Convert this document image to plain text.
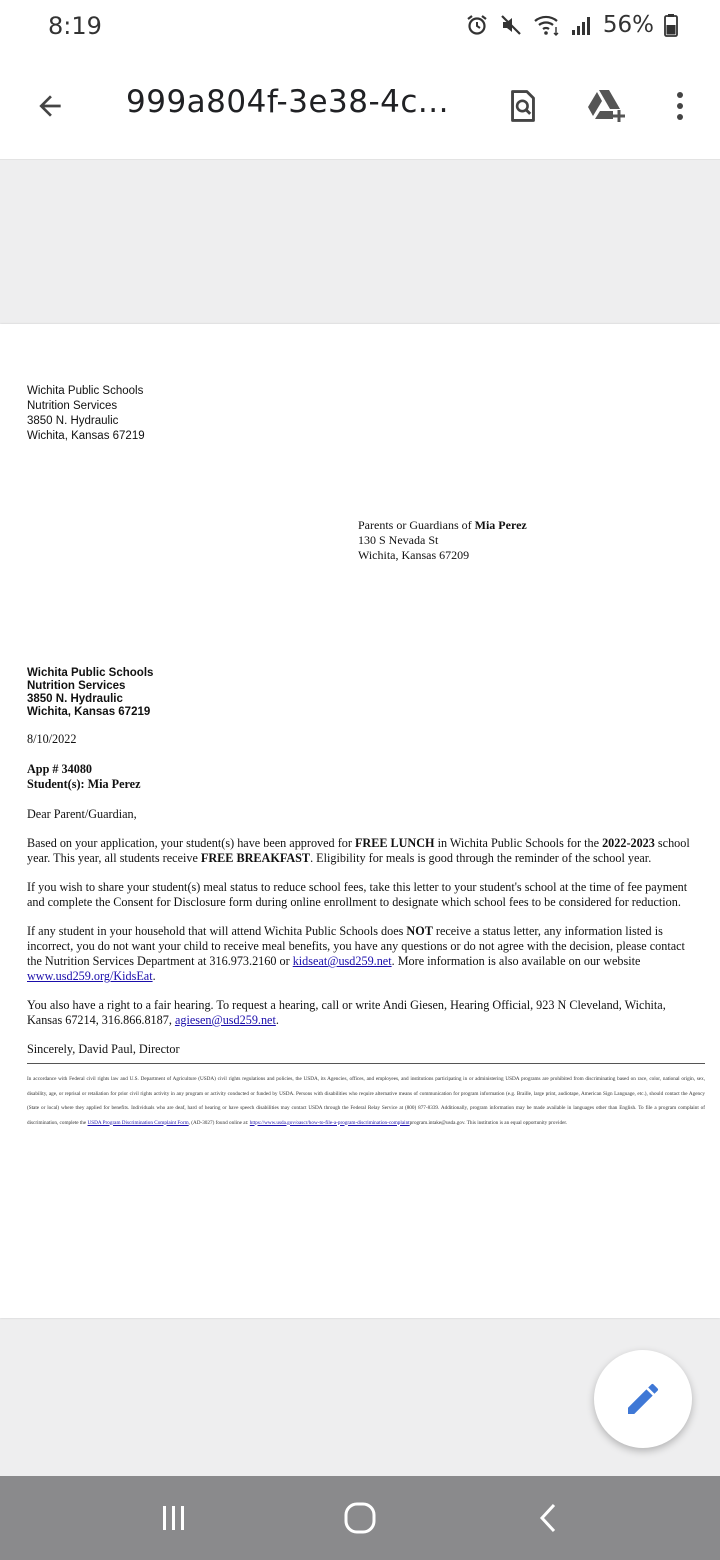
8:19	56%
999a804f-3e38-4c...
Wichita Public Schools
Nutrition Services
3850 N. Hydraulic
Wichita, Kansas 67219
Parents or Guardians of Mia Perez
130 S Nevada St
Wichita, Kansas 67209
Wichita Public Schools
Nutrition Services
3850 N. Hydraulic
Wichita, Kansas 67219

8/10/2022

App # 34080
Student(s): Mia Perez

Dear Parent/Guardian,

Based on your application, your student(s) have been approved for FREE LUNCH in Wichita Public Schools for the 2022-2023 school year. This year, all students receive FREE BREAKFAST. Eligibility for meals is good through the reminder of the school year.

If you wish to share your student(s) meal status to reduce school fees, take this letter to your student's school at the time of fee payment and complete the Consent for Disclosure form during online enrollment to designate which school fees to be considered for reduction.

If any student in your household that will attend Wichita Public Schools does NOT receive a status letter, any information listed is incorrect, you do not want your child to receive meal benefits, you have any questions or do not agree with the decision, please contact the Nutrition Services Department at 316.973.2160 or kidseat@usd259.net. More information is also available on our website www.usd259.org/KidsEat.

You also have a right to a fair hearing. To request a hearing, call or write Andi Giesen, Hearing Official, 923 N Cleveland, Wichita, Kansas 67214, 316.866.8187, agiesen@usd259.net.

Sincerely, David Paul, Director

In accordance with Federal civil rights law and U.S. Department of Agriculture (USDA) civil rights regulations and policies, the USDA, its Agencies, offices, and employees, and institutions participating in or administering USDA programs are prohibited from discriminating based on race, color, national origin, sex, disability, age, or reprisal or retaliation for prior civil rights activity in any program or activity conducted or funded by USDA. Persons with disabilities who require alternative means of communication for program information (e.g. Braille, large print, audiotape, American Sign Language, etc.), should contact the Agency (State or local) where they applied for benefits. Individuals who are deaf, hard of hearing or have speech disabilities may contact USDA through the Federal Relay Service at (800) 877-8339. Additionally, program information may be made available in languages other than English. To file a program complaint of discrimination, complete the USDA Program Discrimination Complaint Form, (AD-3027) found online at: https://www.usda.gov/oascr/how-to-file-a-program-discrimination-complaintprogram.intake@usda.gov. This institution is an equal opportunity provider.
